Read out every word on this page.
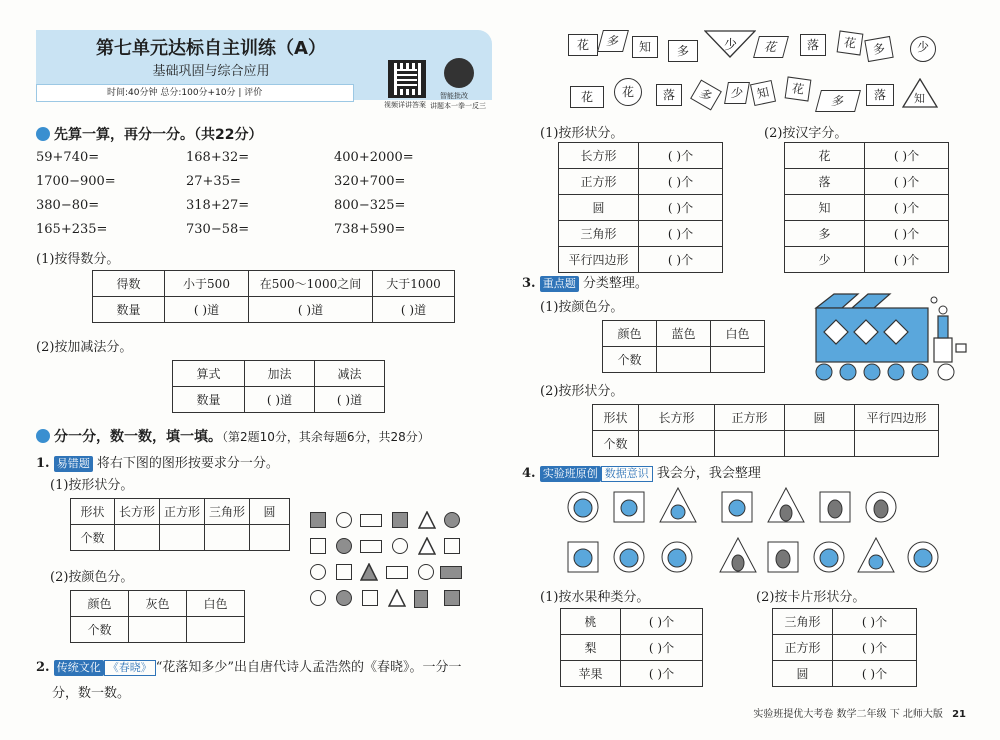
第七单元达标自主训练（A）
基础巩固与综合应用
时间:40分钟 总分:100分+10分 | 评价
视频详讲答案
智能批改
讲题本一拳一反三
先算一算，再分一分。（共22分）
59+740=	168+32=	400+2000=
1700−900=	27+35=	320+700=
380−80=	318+27=	800−325=
165+235=	730−58=	738+590=
(1)按得数分。
得数	小于500	在500～1000之间	大于1000
数量	( )道	( )道	( )道
(2)按加减法分。
算式	加法	减法
数量	( )道	( )道
分一分，数一数，填一填。（第2题10分，其余每题6分，共28分）
1. 易错题 将右下图的图形按要求分一分。
(1)按形状分。
形状	长方形	正方形	三角形	圆
个数				
(2)按颜色分。
颜色	灰色	白色
个数		
2. 传统文化 《春晓》 “花落知多少”出自唐代诗人孟浩然的《春晓》。一分一
分，数一数。
花	多	知	多	少	花	落	花	多	少
花	花	落	多	少 知	花
多	落	知
(1)按形状分。
长方形	( )个
正方形	( )个
圆	( )个
三角形	( )个
平行四边形	( )个
(2)按汉字分。
花	( )个
落	( )个
知	( )个
多	( )个
少	( )个
3. 重点题 分类整理。
(1)按颜色分。
颜色	蓝色	白色
个数		
(2)按形状分。
形状	长方形	正方形	圆	平行四边形
个数				
4. 实验班原创 数据意识 我会分，我会整理
(1)按水果种类分。
桃	( )个
梨	( )个
苹果	( )个
(2)按卡片形状分。
三角形	( )个
正方形	( )个
圆	( )个
实验班提优大考卷 数学二年级 下 北师大版 21
